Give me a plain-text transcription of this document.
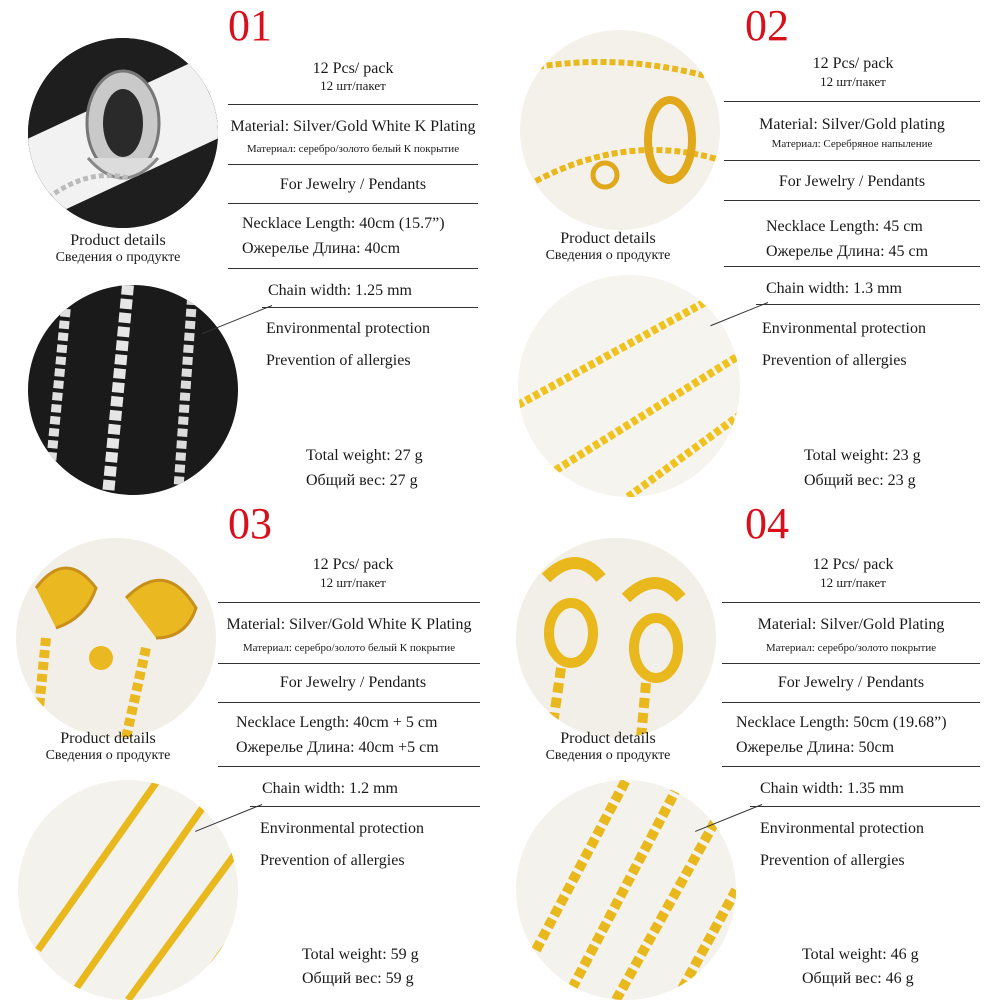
01
Product details
Сведения о продукте
12 Pcs/ pack
12 шт/пакет
Material: Silver/Gold White K Plating
Материал: серебро/золото белый К покрытие
For Jewelry / Pendants
Necklace Length: 40cm (15.7”)
Ожерелье Длина: 40cm
Chain width: 1.25 mm
Environmental protection
Prevention of allergies
Total weight: 27 g
Общий вес: 27 g
02
Product details
Сведения о продукте
12 Pcs/ pack
12 шт/пакет
Material: Silver/Gold plating
Материал: Серебряное напыление
For Jewelry / Pendants
Necklace Length: 45 cm
Ожерелье Длина: 45 cm
Chain width: 1.3 mm
Environmental protection
Prevention of allergies
Total weight: 23 g
Общий вес: 23 g
03
Product details
Сведения о продукте
12 Pcs/ pack
12 шт/пакет
Material: Silver/Gold White K Plating
Материал: серебро/золото белый К покрытие
For Jewelry / Pendants
Necklace Length: 40cm + 5 cm
Ожерелье Длина: 40cm +5 cm
Chain width: 1.2 mm
Environmental protection
Prevention of allergies
Total weight: 59 g
Общий вес: 59 g
04
Product details
Сведения о продукте
12 Pcs/ pack
12 шт/пакет
Material: Silver/Gold Plating
Материал: серебро/золото покрытие
For Jewelry / Pendants
Necklace Length: 50cm (19.68”)
Ожерелье Длина: 50cm
Chain width: 1.35 mm
Environmental protection
Prevention of allergies
Total weight: 46 g
Общий вес: 46 g
